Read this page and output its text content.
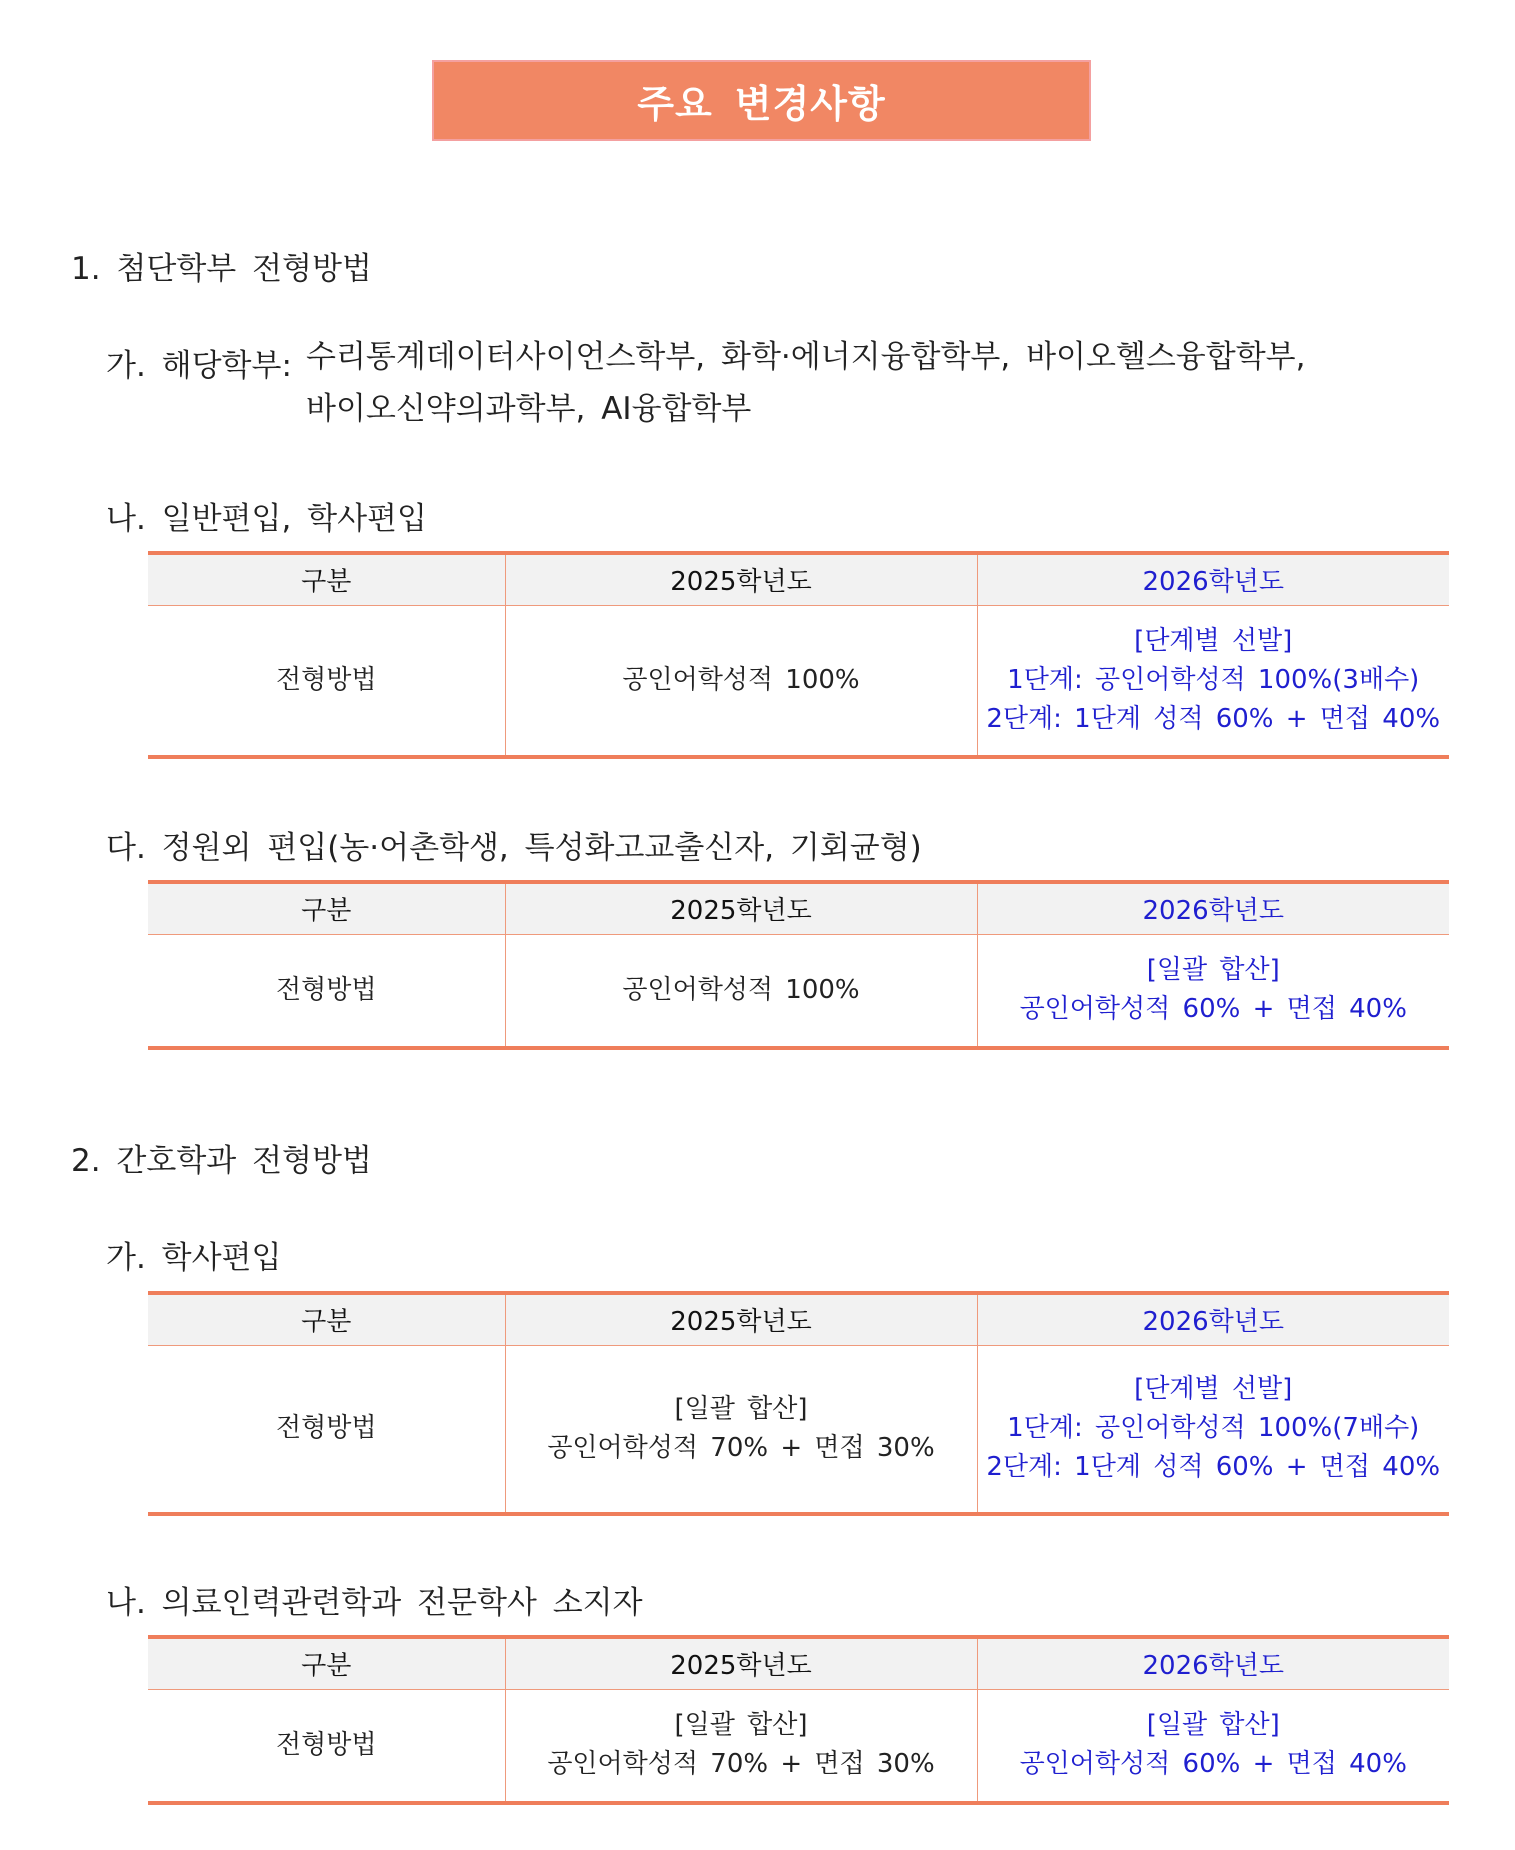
주요 변경사항
1. 첨단학부 전형방법
가. 해당학부: 수리통계데이터사이언스학부, 화학·에너지융합학부, 바이오헬스융합학부,
바이오신약의과학부, AI융합학부
나. 일반편입, 학사편입
구분	2025학년도	2026학년도
전형방법	공인어학성적 100%	[단계별 선발]
1단계: 공인어학성적 100%(3배수)
2단계: 1단계 성적 60% + 면접 40%
다. 정원외 편입(농·어촌학생, 특성화고교출신자, 기회균형)
구분	2025학년도	2026학년도
전형방법	공인어학성적 100%	[일괄 합산]
공인어학성적 60% + 면접 40%
2. 간호학과 전형방법
가. 학사편입
구분	2025학년도	2026학년도
전형방법	[일괄 합산]
공인어학성적 70% + 면접 30%	[단계별 선발]
1단계: 공인어학성적 100%(7배수)
2단계: 1단계 성적 60% + 면접 40%
나. 의료인력관련학과 전문학사 소지자
구분	2025학년도	2026학년도
전형방법	[일괄 합산]
공인어학성적 70% + 면접 30%	[일괄 합산]
공인어학성적 60% + 면접 40%
